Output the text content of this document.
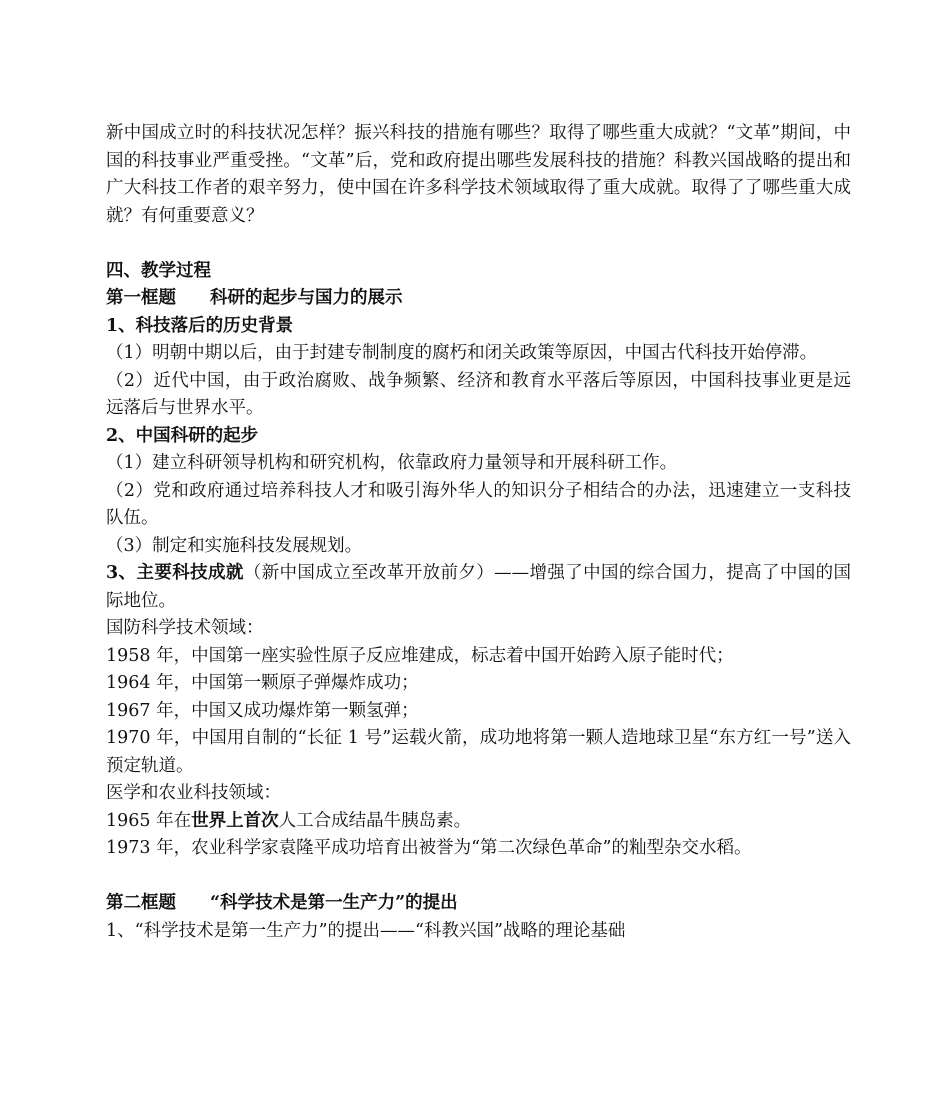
新中国成立时的科技状况怎样？振兴科技的措施有哪些？取得了哪些重大成就？“文革”期间，中国的科技事业严重受挫。“文革”后，党和政府提出哪些发展科技的措施？科教兴国战略的提出和广大科技工作者的艰辛努力，使中国在许多科学技术领域取得了重大成就。取得了了哪些重大成就？有何重要意义？

四、教学过程

第一框题 科研的起步与国力的展示

1、科技落后的历史背景

（1）明朝中期以后，由于封建专制制度的腐朽和闭关政策等原因，中国古代科技开始停滞。

（2）近代中国，由于政治腐败、战争频繁、经济和教育水平落后等原因，中国科技事业更是远远落后与世界水平。

2、中国科研的起步

（1）建立科研领导机构和研究机构，依靠政府力量领导和开展科研工作。

（2）党和政府通过培养科技人才和吸引海外华人的知识分子相结合的办法，迅速建立一支科技队伍。

（3）制定和实施科技发展规划。

3、主要科技成就（新中国成立至改革开放前夕）——增强了中国的综合国力，提高了中国的国际地位。

国防科学技术领域：

1958 年，中国第一座实验性原子反应堆建成，标志着中国开始跨入原子能时代；

1964 年，中国第一颗原子弹爆炸成功；

1967 年，中国又成功爆炸第一颗氢弹；

1970 年，中国用自制的“长征 1 号”运载火箭，成功地将第一颗人造地球卫星“东方红一号”送入预定轨道。

医学和农业科技领域：

1965 年在世界上首次人工合成结晶牛胰岛素。

1973 年，农业科学家袁隆平成功培育出被誉为“第二次绿色革命”的籼型杂交水稻。

第二框题 “科学技术是第一生产力”的提出

1、“科学技术是第一生产力”的提出——“科教兴国”战略的理论基础
